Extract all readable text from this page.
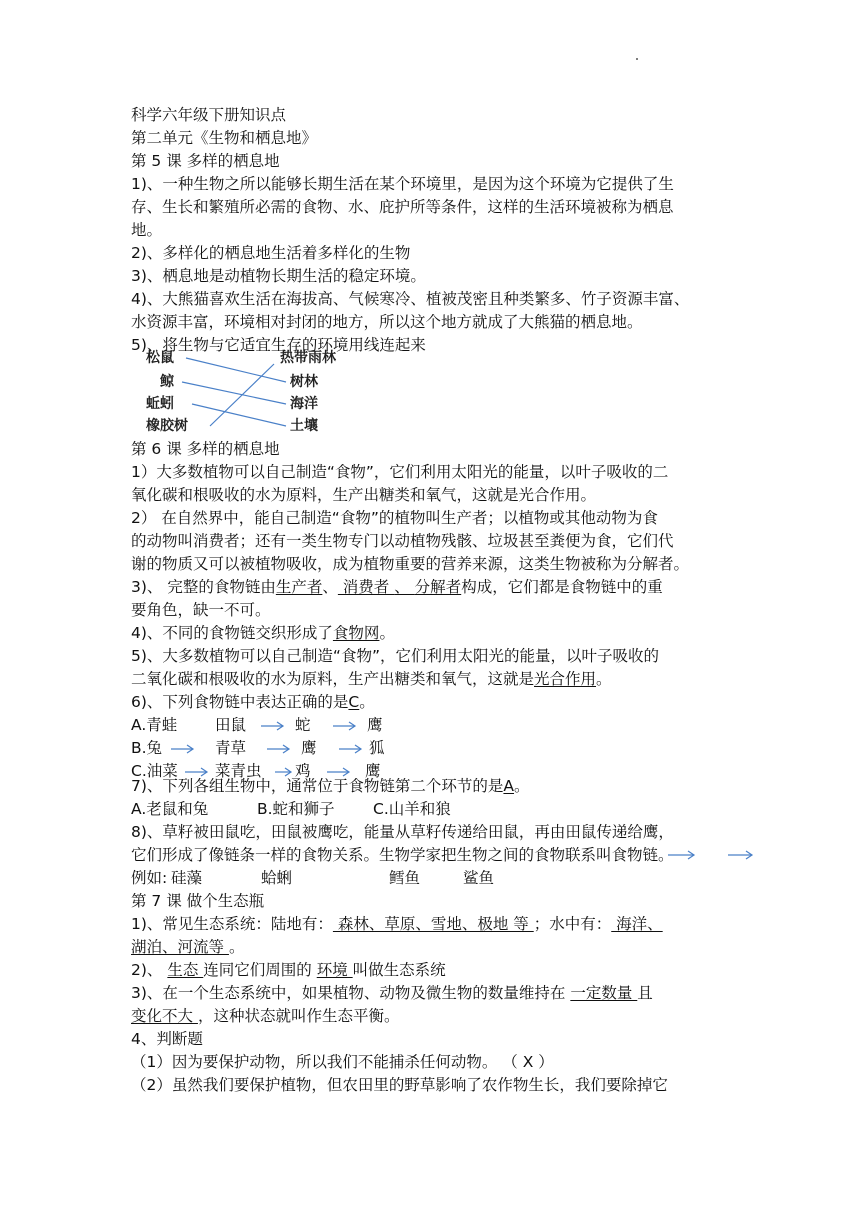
科学六年级下册知识点
第二单元《生物和栖息地》
第 5 课 多样的栖息地
1)、一种生物之所以能够长期生活在某个环境里，是因为这个环境为它提供了生
存、生长和繁殖所必需的食物、水、庇护所等条件，这样的生活环境被称为栖息
地。
2)、多样化的栖息地生活着多样化的生物
3)、栖息地是动植物长期生活的稳定环境。
4)、大熊猫喜欢生活在海拔高、气候寒冷、植被茂密且种类繁多、竹子资源丰富、
水资源丰富，环境相对封闭的地方，所以这个地方就成了大熊猫的栖息地。
5)、将生物与它适宜生存的环境用线连起来
松鼠
鲸
蚯蚓
橡胶树
热带雨林
树林
海洋
土壤
第 6 课 多样的栖息地
1）大多数植物可以自己制造“食物”，它们利用太阳光的能量，以叶子吸收的二
氧化碳和根吸收的水为原料，生产出糖类和氧气，这就是光合作用。
2） 在自然界中，能自己制造“食物”的植物叫生产者；以植物或其他动物为食
的动物叫消费者；还有一类生物专门以动植物残骸、垃圾甚至粪便为食，它们代
谢的物质又可以被植物吸收，成为植物重要的营养来源，这类生物被称为分解者。
3)、 完整的食物链由生产者、 消费者 、 分解者构成，它们都是食物链中的重
要角色，缺一不可。
4)、不同的食物链交织形成了食物网。
5)、大多数植物可以自己制造“食物”，它们利用太阳光的能量，以叶子吸收的
二氧化碳和根吸收的水为原料，生产出糖类和氧气，这就是光合作用。
6)、下列食物链中表达正确的是C。
A.青蛙 田鼠	蛇	鹰
B.兔	青草	鹰	狐
C.油菜 菜青虫 鸡	鹰
7)、下列各组生物中，通常位于食物链第二个环节的是A。
A.老鼠和兔	B.蛇和狮子 C.山羊和狼
8)、草籽被田鼠吃，田鼠被鹰吃，能量从草籽传递给田鼠，再由田鼠传递给鹰，
它们形成了像链条一样的食物关系。生物学家把生物之间的食物联系叫食物链。
例如: 硅藻	蛤蜊	鳕鱼	鲨鱼
第 7 课 做个生态瓶
1)、常见生态系统：陆地有： 森林、草原、雪地、极地 等 ；水中有： 海洋、
湖泊、河流等 。
2)、 生态 连同它们周围的 环境 叫做生态系统
3)、在一个生态系统中，如果植物、动物及微生物的数量维持在 一定数量 且
变化不大 ，这种状态就叫作生态平衡。
4、判断题
（1）因为要保护动物，所以我们不能捕杀任何动物。 （ X ）
（2）虽然我们要保护植物，但农田里的野草影响了农作物生长，我们要除掉它
